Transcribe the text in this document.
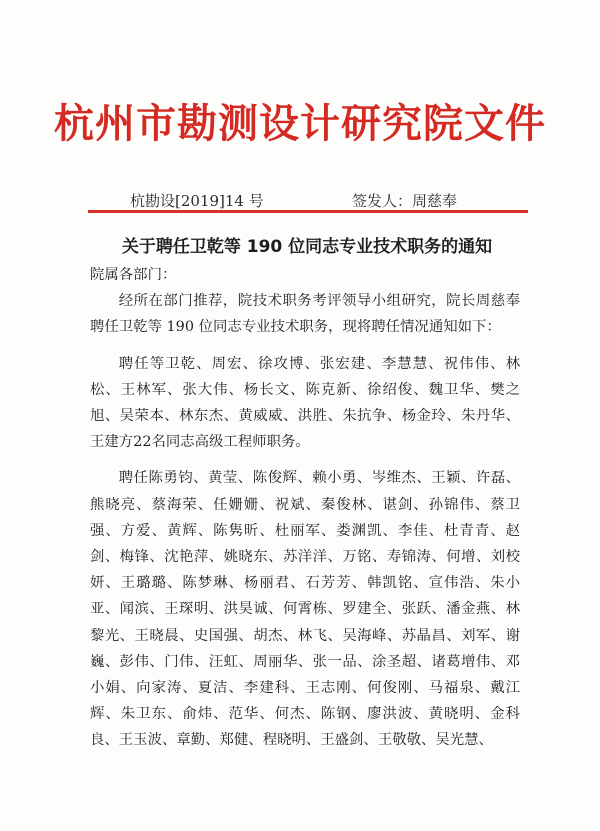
杭州市勘测设计研究院文件
杭勘设[2019]14 号	签发人：周慈奉
关于聘任卫乾等 190 位同志专业技术职务的通知

院属各部门：

经所在部门推荐，院技术职务考评领导小组研究，院长周慈奉聘任卫乾等 190 位同志专业技术职务，现将聘任情况通知如下：

聘任等卫乾、周宏、徐攻博、张宏建、李慧慧、祝伟伟、林松、王林军、张大伟、杨长文、陈克新、徐绍俊、魏卫华、樊之旭、吴荣本、林东杰、黄威威、洪胜、朱抗争、杨金玲、朱丹华、王建方22名同志高级工程师职务。

聘任陈勇钧、黄莹、陈俊辉、赖小勇、岑维杰、王颖、许磊、熊晓亮、蔡海荣、任姗姗、祝斌、秦俊林、谌剑、孙锦伟、蔡卫强、方爱、黄辉、陈隽昕、杜丽军、娄渊凯、李佳、杜青青、赵剑、梅锋、沈艳萍、姚晓东、苏洋洋、万铭、寿锦涛、何增、刘校妍、王璐璐、陈梦琳、杨丽君、石芳芳、韩凯铭、宣伟浩、朱小亚、闻滨、王琛明、洪昊诚、何霄栋、罗建全、张跃、潘金燕、林黎光、王晓晨、史国强、胡杰、林飞、吴海峰、苏晶昌、刘军、谢巍、彭伟、门伟、汪虹、周丽华、张一品、涂圣超、诸葛增伟、邓小娟、向家涛、夏洁、李建科、王志刚、何俊刚、马福泉、戴江辉、朱卫东、俞炜、范华、何杰、陈钢、廖洪波、黄晓明、金科良、王玉波、章勤、郑健、程晓明、王盛剑、王敬敬、吴光慧、
